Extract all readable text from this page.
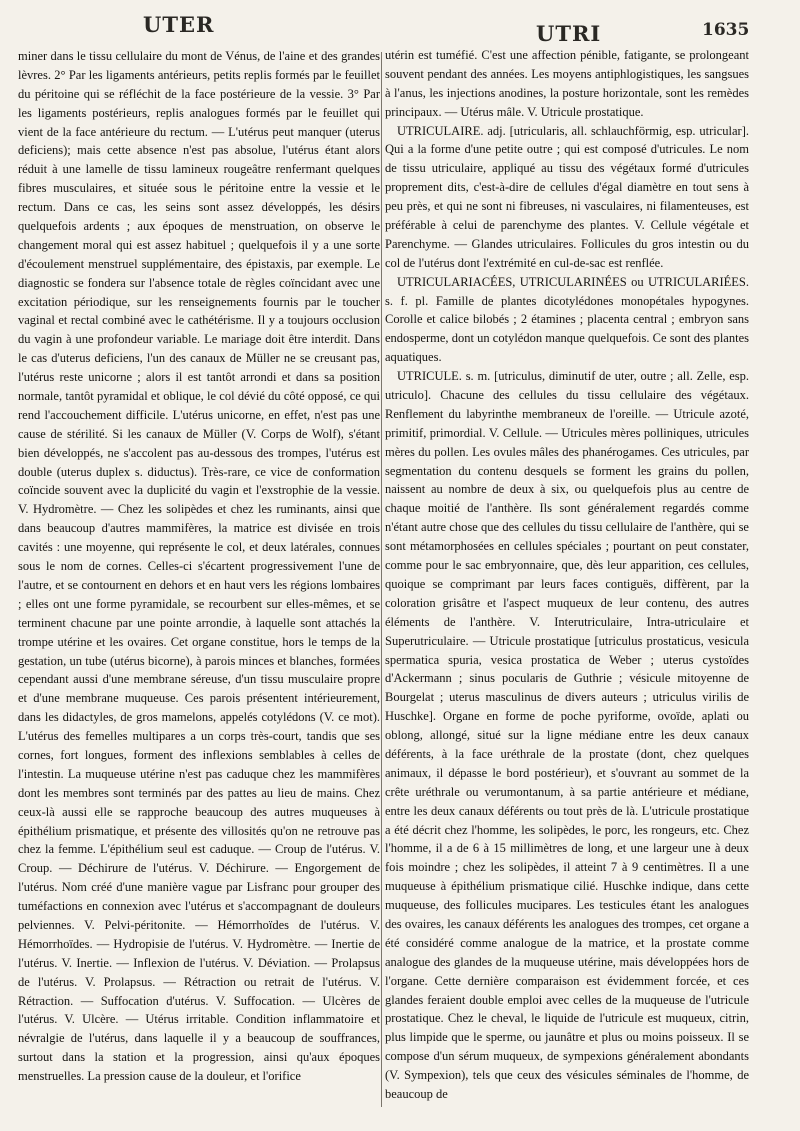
UTER	UTRI	1635

miner dans le tissu cellulaire du mont de Vénus, de l'aine et des grandes lèvres. 2° Par les ligaments antérieurs, petits replis formés par le feuillet du péritoine qui se réfléchit de la face postérieure de la vessie. 3° Par les ligaments postérieurs, replis analogues formés par le feuillet qui vient de la face antérieure du rectum. — L'utérus peut manquer (uterus deficiens); mais cette absence n'est pas absolue, l'utérus étant alors réduit à une lamelle de tissu lamineux rougeâtre renfermant quelques fibres musculaires, et située sous le péritoine entre la vessie et le rectum. Dans ce cas, les seins sont assez développés, les désirs quelquefois ardents ; aux époques de menstruation, on observe le changement moral qui est assez habituel ; quelquefois il y a une sorte d'écoulement menstruel supplémentaire, des épistaxis, par exemple. Le diagnostic se fondera sur l'absence totale de règles coïncidant avec une excitation périodique, sur les renseignements fournis par le toucher vaginal et rectal combiné avec le cathétérisme. Il y a toujours occlusion du vagin à une profondeur variable. Le mariage doit être interdit. Dans le cas d'uterus deficiens, l'un des canaux de Müller ne se creusant pas, l'utérus reste unicorne ; alors il est tantôt arrondi et dans sa position normale, tantôt pyramidal et oblique, le col dévié du côté opposé, ce qui rend l'accouchement difficile. L'utérus unicorne, en effet, n'est pas une cause de stérilité. Si les canaux de Müller (V. Corps de Wolf), s'étant bien développés, ne s'accolent pas au-dessous des trompes, l'utérus est double (uterus duplex s. diductus). Très-rare, ce vice de conformation coïncide souvent avec la duplicité du vagin et l'exstrophie de la vessie. V. Hydromètre. — Chez les solipèdes et chez les ruminants, ainsi que dans beaucoup d'autres mammifères, la matrice est divisée en trois cavités : une moyenne, qui représente le col, et deux latérales, connues sous le nom de cornes. Celles-ci s'écartent progressivement l'une de l'autre, et se contournent en dehors et en haut vers les régions lombaires ; elles ont une forme pyramidale, se recourbent sur elles-mêmes, et se terminent chacune par une pointe arrondie, à laquelle sont attachés la trompe utérine et les ovaires. Cet organe constitue, hors le temps de la gestation, un tube (utérus bicorne), à parois minces et blanches, formées cependant aussi d'une membrane séreuse, d'un tissu musculaire propre et d'une membrane muqueuse. Ces parois présentent intérieurement, dans les didactyles, de gros mamelons, appelés cotylédons (V. ce mot). L'utérus des femelles multipares a un corps très-court, tandis que ses cornes, fort longues, forment des inflexions semblables à celles de l'intestin. La muqueuse utérine n'est pas caduque chez les mammifères dont les membres sont terminés par des pattes au lieu de mains. Chez ceux-là aussi elle se rapproche beaucoup des autres muqueuses à épithélium prismatique, et présente des villosités qu'on ne retrouve pas chez la femme. L'épithélium seul est caduque. — Croup de l'utérus. V. Croup. — Déchirure de l'utérus. V. Déchirure. — Engorgement de l'utérus. Nom créé d'une manière vague par Lisfranc pour grouper des tuméfactions en connexion avec l'utérus et s'accompagnant de douleurs pelviennes. V. Pelvi-péritonite. — Hémorrhoïdes de l'utérus. V. Hémorrhoïdes. — Hydropisie de l'utérus. V. Hydromètre. — Inertie de l'utérus. V. Inertie. — Inflexion de l'utérus. V. Déviation. — Prolapsus de l'utérus. V. Prolapsus. — Rétraction ou retrait de l'utérus. V. Rétraction. — Suffocation d'utérus. V. Suffocation. — Ulcères de l'utérus. V. Ulcère. — Utérus irritable. Condition inflammatoire et névralgie de l'utérus, dans laquelle il y a beaucoup de souffrances, surtout dans la station et la progression, ainsi qu'aux époques menstruelles. La pression cause de la douleur, et l'orifice

utérin est tuméfié. C'est une affection pénible, fatigante, se prolongeant souvent pendant des années. Les moyens antiphlogistiques, les sangsues à l'anus, les injections anodines, la posture horizontale, sont les remèdes principaux. — Utérus mâle. V. Utricule prostatique.

UTRICULAIRE. adj. [utricularis, all. schlauchförmig, esp. utricular]. Qui a la forme d'une petite outre ; qui est composé d'utricules. Le nom de tissu utriculaire, appliqué au tissu des végétaux formé d'utricules proprement dits, c'est-à-dire de cellules d'égal diamètre en tout sens à peu près, et qui ne sont ni fibreuses, ni vasculaires, ni filamenteuses, est préférable à celui de parenchyme des plantes. V. Cellule végétale et Parenchyme. — Glandes utriculaires. Follicules du gros intestin ou du col de l'utérus dont l'extrémité en cul-de-sac est renflée.

UTRICULARIACÉES, UTRICULARINÉES ou UTRICULARIÉES. s. f. pl. Famille de plantes dicotylédones monopétales hypogynes. Corolle et calice bilobés ; 2 étamines ; placenta central ; embryon sans endosperme, dont un cotylédon manque quelquefois. Ce sont des plantes aquatiques.

UTRICULE. s. m. [utriculus, diminutif de uter, outre ; all. Zelle, esp. utriculo]. Chacune des cellules du tissu cellulaire des végétaux. Renflement du labyrinthe membraneux de l'oreille. — Utricule azoté, primitif, primordial. V. Cellule. — Utricules mères polliniques, utricules mères du pollen. Les ovules mâles des phanérogames. Ces utricules, par segmentation du contenu desquels se forment les grains du pollen, naissent au nombre de deux à six, ou quelquefois plus au centre de chaque moitié de l'anthère. Ils sont généralement regardés comme n'étant autre chose que des cellules du tissu cellulaire de l'anthère, qui se sont métamorphosées en cellules spéciales ; pourtant on peut constater, comme pour le sac embryonnaire, que, dès leur apparition, ces cellules, quoique se comprimant par leurs faces contiguës, diffèrent, par la coloration grisâtre et l'aspect muqueux de leur contenu, des autres éléments de l'anthère. V. Interutriculaire, Intra-utriculaire et Superutriculaire. — Utricule prostatique [utriculus prostaticus, vesicula spermatica spuria, vesica prostatica de Weber ; uterus cystoïdes d'Ackermann ; sinus pocularis de Guthrie ; vésicule mitoyenne de Bourgelat ; uterus masculinus de divers auteurs ; utriculus virilis de Huschke]. Organe en forme de poche pyriforme, ovoïde, aplati ou oblong, allongé, situé sur la ligne médiane entre les deux canaux déférents, à la face uréthrale de la prostate (dont, chez quelques animaux, il dépasse le bord postérieur), et s'ouvrant au sommet de la crête uréthrale ou verumontanum, à sa partie antérieure et médiane, entre les deux canaux déférents ou tout près de là. L'utricule prostatique a été décrit chez l'homme, les solipèdes, le porc, les rongeurs, etc. Chez l'homme, il a de 6 à 15 millimètres de long, et une largeur une à deux fois moindre ; chez les solipèdes, il atteint 7 à 9 centimètres. Il a une muqueuse à épithélium prismatique cilié. Huschke indique, dans cette muqueuse, des follicules mucipares. Les testicules étant les analogues des ovaires, les canaux déférents les analogues des trompes, cet organe a été considéré comme analogue de la matrice, et la prostate comme analogue des glandes de la muqueuse utérine, mais développées hors de l'organe. Cette dernière comparaison est évidemment forcée, et ces glandes feraient double emploi avec celles de la muqueuse de l'utricule prostatique. Chez le cheval, le liquide de l'utricule est muqueux, citrin, plus limpide que le sperme, ou jaunâtre et plus ou moins poisseux. Il se compose d'un sérum muqueux, de sympexions généralement abondants (V. Sympexion), tels que ceux des vésicules séminales de l'homme, de beaucoup de
